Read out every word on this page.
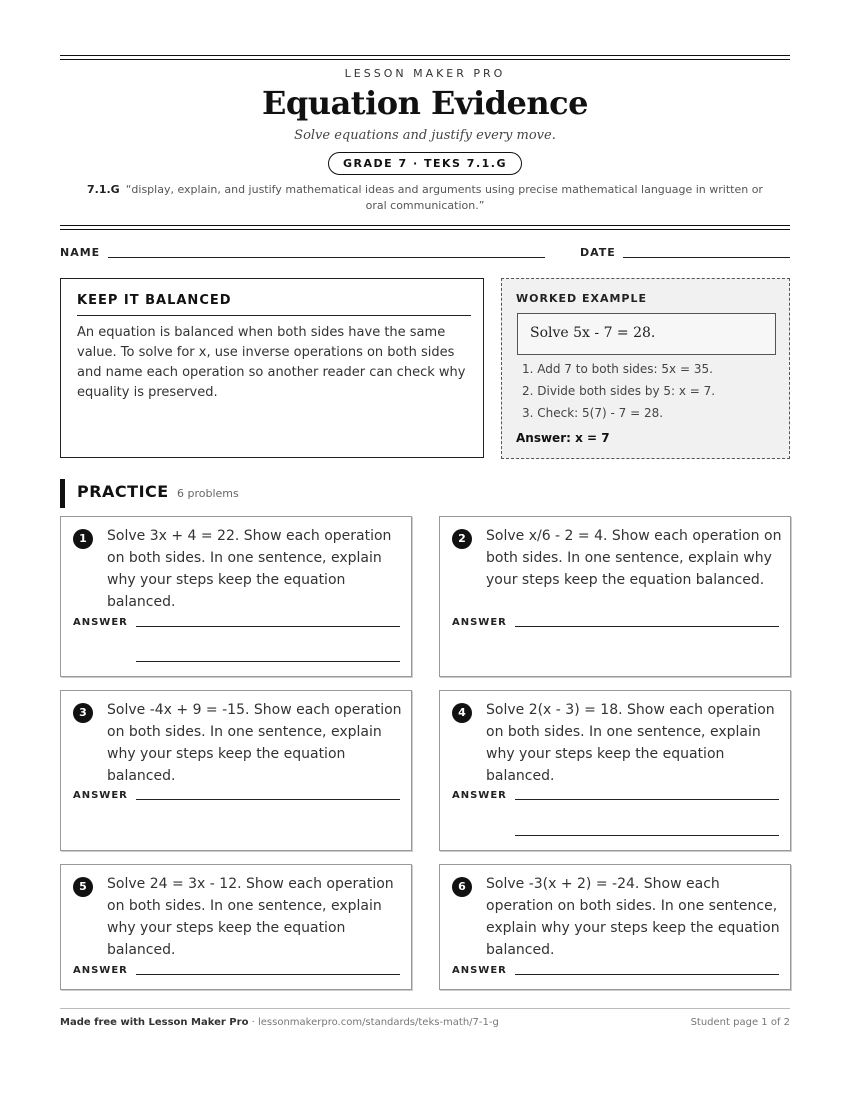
LESSON MAKER PRO
Equation Evidence
Solve equations and justify every move.
GRADE 7 · TEKS 7.1.G
7.1.G “display, explain, and justify mathematical ideas and arguments using precise mathematical language in written or oral communication.”
NAME	DATE
KEEP IT BALANCED
An equation is balanced when both sides have the same value. To solve for x, use inverse operations on both sides and name each operation so another reader can check why equality is preserved.
WORKED EXAMPLE
Solve 5x - 7 = 28.
1. Add 7 to both sides: 5x = 35.
2. Divide both sides by 5: x = 7.
3. Check: 5(7) - 7 = 28.
Answer: x = 7
PRACTICE 6 problems
1	Solve 3x + 4 = 22. Show each operation on both sides. In one sentence, explain why your steps keep the equation balanced.
ANSWER
2	Solve x/6 - 2 = 4. Show each operation on both sides. In one sentence, explain why your steps keep the equation balanced.
ANSWER
3	Solve -4x + 9 = -15. Show each operation on both sides. In one sentence, explain why your steps keep the equation balanced.
ANSWER
4	Solve 2(x - 3) = 18. Show each operation on both sides. In one sentence, explain why your steps keep the equation balanced.
ANSWER
5	Solve 24 = 3x - 12. Show each operation on both sides. In one sentence, explain why your steps keep the equation balanced.
ANSWER
6	Solve -3(x + 2) = -24. Show each operation on both sides. In one sentence, explain why your steps keep the equation balanced.
ANSWER
Made free with Lesson Maker Pro · lessonmakerpro.com/standards/teks-math/7-1-g	Student page 1 of 2
